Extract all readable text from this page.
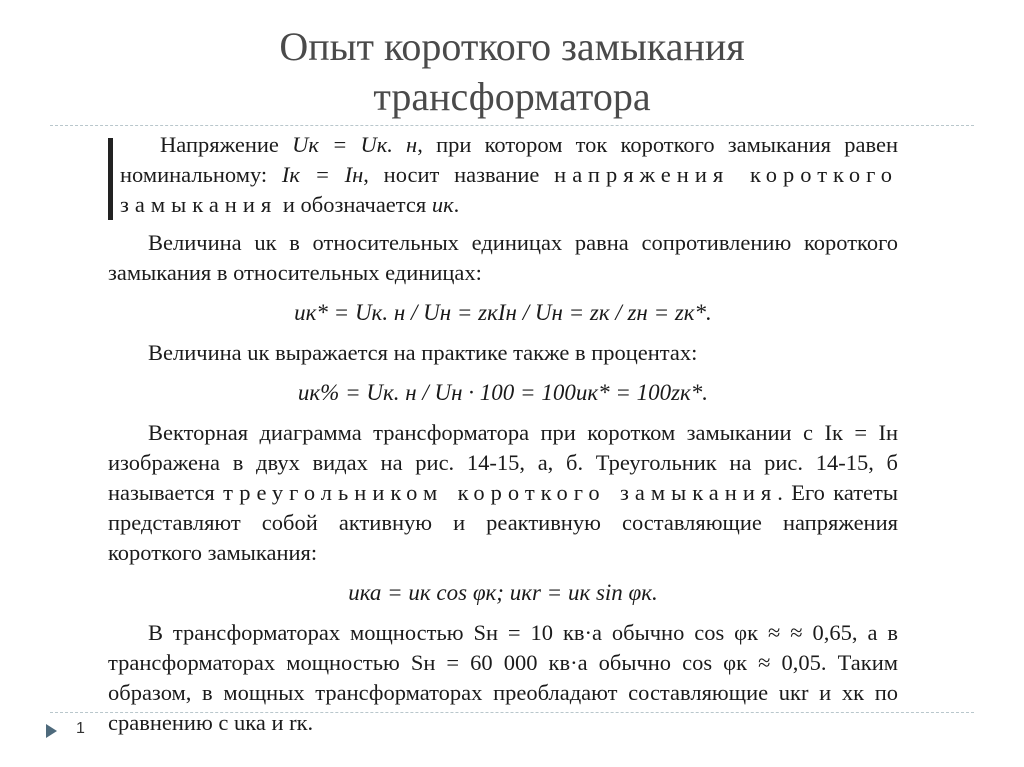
Опыт короткого замыкания
трансформатора

Напряжение Uк = Uк. н, при котором ток короткого замыкания равен номинальному: Iк = Iн, носит название напряжения короткого замыкания и обозначается uк.

Величина uк в относительных единицах равна сопротивлению короткого замыкания в относительных единицах:

uк* = Uк. н / Uн = zкIн / Uн = zк / zн = zк*.

Величина uк выражается на практике также в процентах:

uк% = Uк. н / Uн · 100 = 100uк* = 100zк*.

Векторная диаграмма трансформатора при коротком замыкании с Iк = Iн изображена в двух видах на рис. 14-15, а, б. Треугольник на рис. 14-15, б называется треугольником короткого замыкания. Его катеты представляют собой активную и реактивную составляющие напряжения короткого замыкания:

uка = uк cos φк; uкr = uк sin φк.

В трансформаторах мощностью Sн = 10 кв·а обычно cos φк ≈ ≈ 0,65, а в трансформаторах мощностью Sн = 60 000 кв·а обычно cos φк ≈ 0,05. Таким образом, в мощных трансформаторах преобладают составляющие uкr и xк по сравнению с uка и rк.

1
